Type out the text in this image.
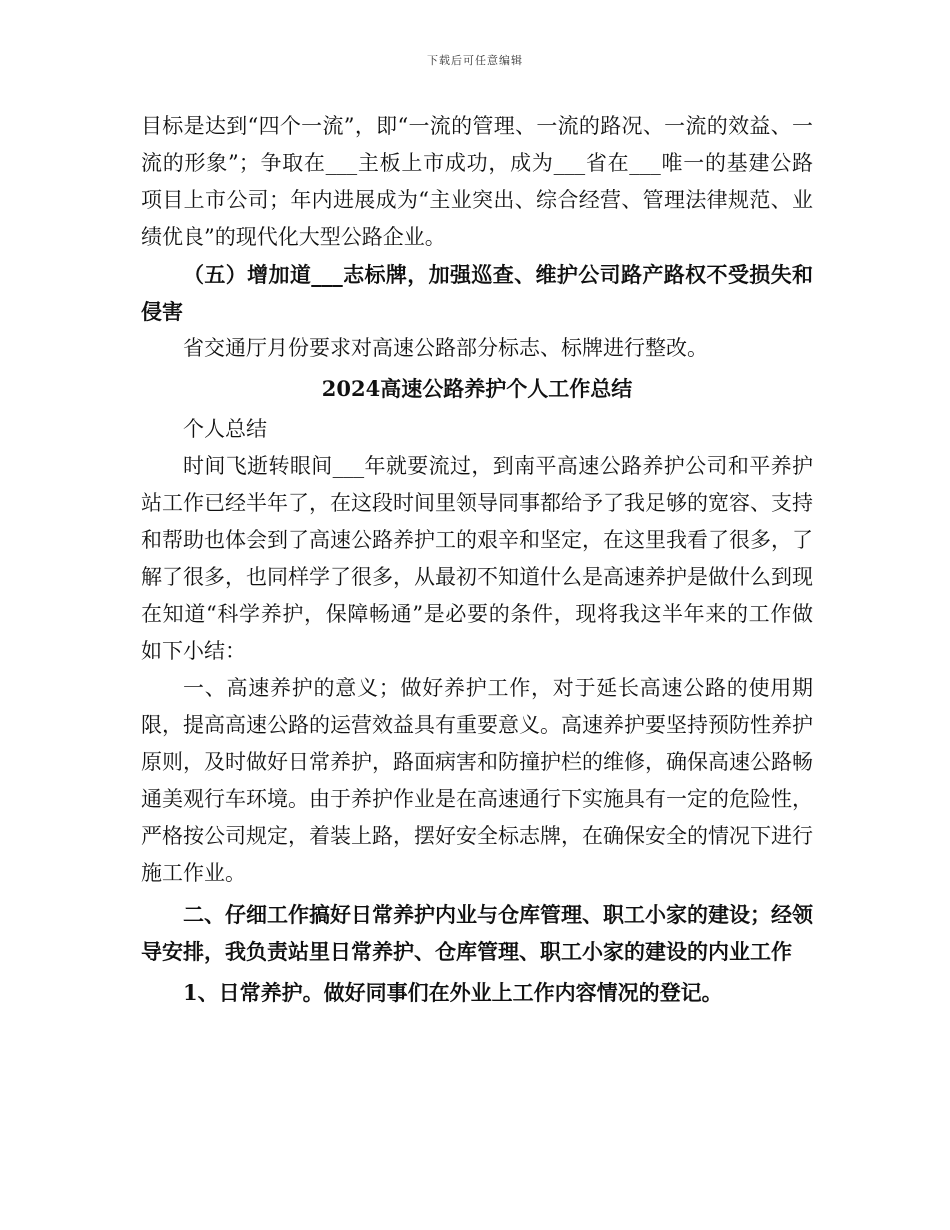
下载后可任意编辑

目标是达到“四个一流”，即“一流的管理、一流的路况、一流的效益、一流的形象”；争取在___主板上市成功，成为___省在___唯一的基建公路项目上市公司；年内进展成为“主业突出、综合经营、管理法律规范、业绩优良”的现代化大型公路企业。

（五）增加道___志标牌，加强巡查、维护公司路产路权不受损失和侵害

省交通厅月份要求对高速公路部分标志、标牌进行整改。

2024高速公路养护个人工作总结

个人总结

时间飞逝转眼间___年就要流过，到南平高速公路养护公司和平养护站工作已经半年了，在这段时间里领导同事都给予了我足够的宽容、支持和帮助也体会到了高速公路养护工的艰辛和坚定，在这里我看了很多，了解了很多，也同样学了很多，从最初不知道什么是高速养护是做什么到现在知道“科学养护，保障畅通”是必要的条件，现将我这半年来的工作做如下小结：

一、高速养护的意义；做好养护工作，对于延长高速公路的使用期限，提高高速公路的运营效益具有重要意义。高速养护要坚持预防性养护原则，及时做好日常养护，路面病害和防撞护栏的维修，确保高速公路畅通美观行车环境。由于养护作业是在高速通行下实施具有一定的危险性，严格按公司规定，着装上路，摆好安全标志牌，在确保安全的情况下进行施工作业。

二、仔细工作搞好日常养护内业与仓库管理、职工小家的建设；经领导安排，我负责站里日常养护、仓库管理、职工小家的建设的内业工作

1、日常养护。做好同事们在外业上工作内容情况的登记。
